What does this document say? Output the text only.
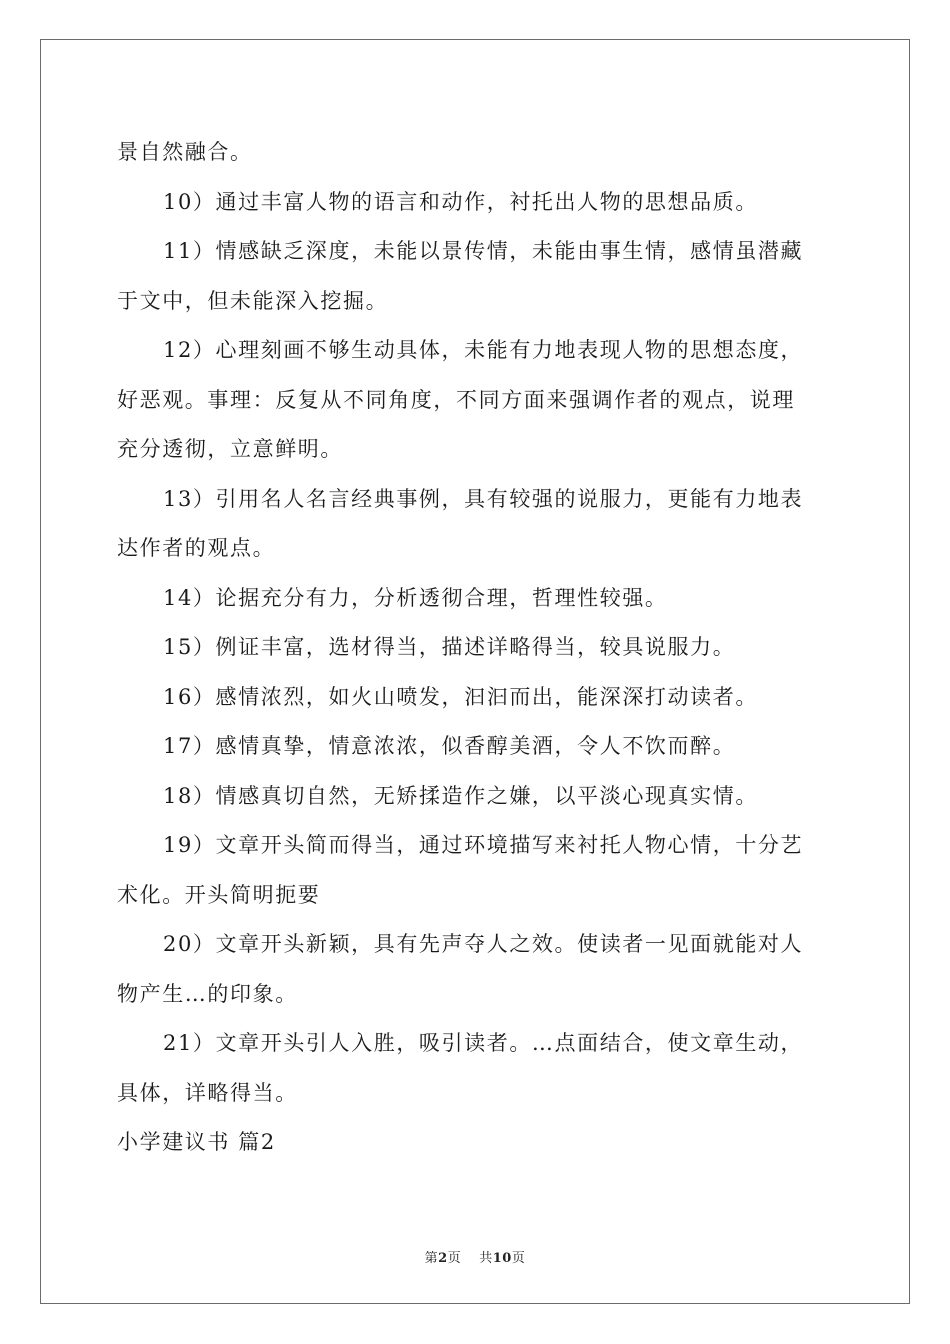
景自然融合。

10）通过丰富人物的语言和动作，衬托出人物的思想品质。

11）情感缺乏深度，未能以景传情，未能由事生情，感情虽潜藏
于文中，但未能深入挖掘。

12）心理刻画不够生动具体，未能有力地表现人物的思想态度，
好恶观。事理：反复从不同角度，不同方面来强调作者的观点，说理
充分透彻，立意鲜明。

13）引用名人名言经典事例，具有较强的说服力，更能有力地表
达作者的观点。

14）论据充分有力，分析透彻合理，哲理性较强。

15）例证丰富，选材得当，描述详略得当，较具说服力。

16）感情浓烈，如火山喷发，汩汩而出，能深深打动读者。

17）感情真挚，情意浓浓，似香醇美酒，令人不饮而醉。

18）情感真切自然，无矫揉造作之嫌，以平淡心现真实情。

19）文章开头简而得当，通过环境描写来衬托人物心情，十分艺
术化。开头简明扼要

20）文章开头新颖，具有先声夺人之效。使读者一见面就能对人
物产生…的印象。

21）文章开头引人入胜，吸引读者。…点面结合，使文章生动，
具体，详略得当。

小学建议书 篇2

第2页 共10页
